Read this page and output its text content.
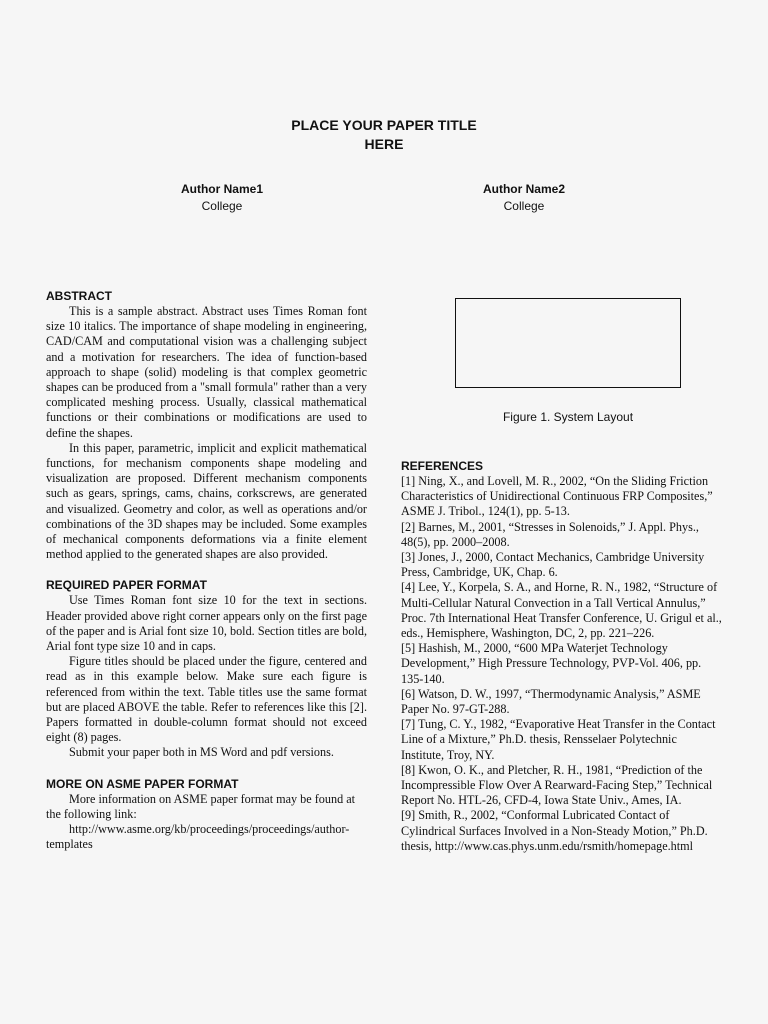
PLACE YOUR PAPER TITLE
HERE
Author Name1
College
Author Name2
College
ABSTRACT

This is a sample abstract. Abstract uses Times Roman font size 10 italics. The importance of shape modeling in engineering, CAD/CAM and computational vision was a challenging subject and a motivation for researchers. The idea of function-based approach to shape (solid) modeling is that complex geometric shapes can be produced from a "small formula" rather than a very complicated meshing process. Usually, classical mathematical functions or their combinations or modifications are used to define the shapes.

In this paper, parametric, implicit and explicit mathematical functions, for mechanism components shape modeling and visualization are proposed. Different mechanism components such as gears, springs, cams, chains, corkscrews, are generated and visualized. Geometry and color, as well as operations and/or combinations of the 3D shapes may be included. Some examples of mechanical components deformations via a finite element method applied to the generated shapes are also provided.

REQUIRED PAPER FORMAT

Use Times Roman font size 10 for the text in sections. Header provided above right corner appears only on the first page of the paper and is Arial font size 10, bold. Section titles are bold, Arial font type size 10 and in caps.

Figure titles should be placed under the figure, centered and read as in this example below. Make sure each figure is referenced from within the text. Table titles use the same format but are placed ABOVE the table. Refer to references like this [2]. Papers formatted in double-column format should not exceed eight (8) pages.

Submit your paper both in MS Word and pdf versions.

MORE ON ASME PAPER FORMAT

More information on ASME paper format may be found at the following link:

http://www.asme.org/kb/proceedings/proceedings/author-templates

Figure 1. System Layout
REFERENCES

[1] Ning, X., and Lovell, M. R., 2002, “On the Sliding Friction Characteristics of Unidirectional Continuous FRP Composites,” ASME J. Tribol., 124(1), pp. 5-13.

[2] Barnes, M., 2001, “Stresses in Solenoids,” J. Appl. Phys., 48(5), pp. 2000–2008.

[3] Jones, J., 2000, Contact Mechanics, Cambridge University Press, Cambridge, UK, Chap. 6.

[4] Lee, Y., Korpela, S. A., and Horne, R. N., 1982, “Structure of Multi-Cellular Natural Convection in a Tall Vertical Annulus,” Proc. 7th International Heat Transfer Conference, U. Grigul et al., eds., Hemisphere, Washington, DC, 2, pp. 221–226.

[5] Hashish, M., 2000, “600 MPa Waterjet Technology Development,” High Pressure Technology, PVP-Vol. 406, pp. 135-140.

[6] Watson, D. W., 1997, “Thermodynamic Analysis,” ASME Paper No. 97-GT-288.

[7] Tung, C. Y., 1982, “Evaporative Heat Transfer in the Contact Line of a Mixture,” Ph.D. thesis, Rensselaer Polytechnic Institute, Troy, NY.

[8] Kwon, O. K., and Pletcher, R. H., 1981, “Prediction of the Incompressible Flow Over A Rearward-Facing Step,” Technical Report No. HTL-26, CFD-4, Iowa State Univ., Ames, IA.

[9] Smith, R., 2002, “Conformal Lubricated Contact of Cylindrical Surfaces Involved in a Non-Steady Motion,” Ph.D. thesis, http://www.cas.phys.unm.edu/rsmith/homepage.html
